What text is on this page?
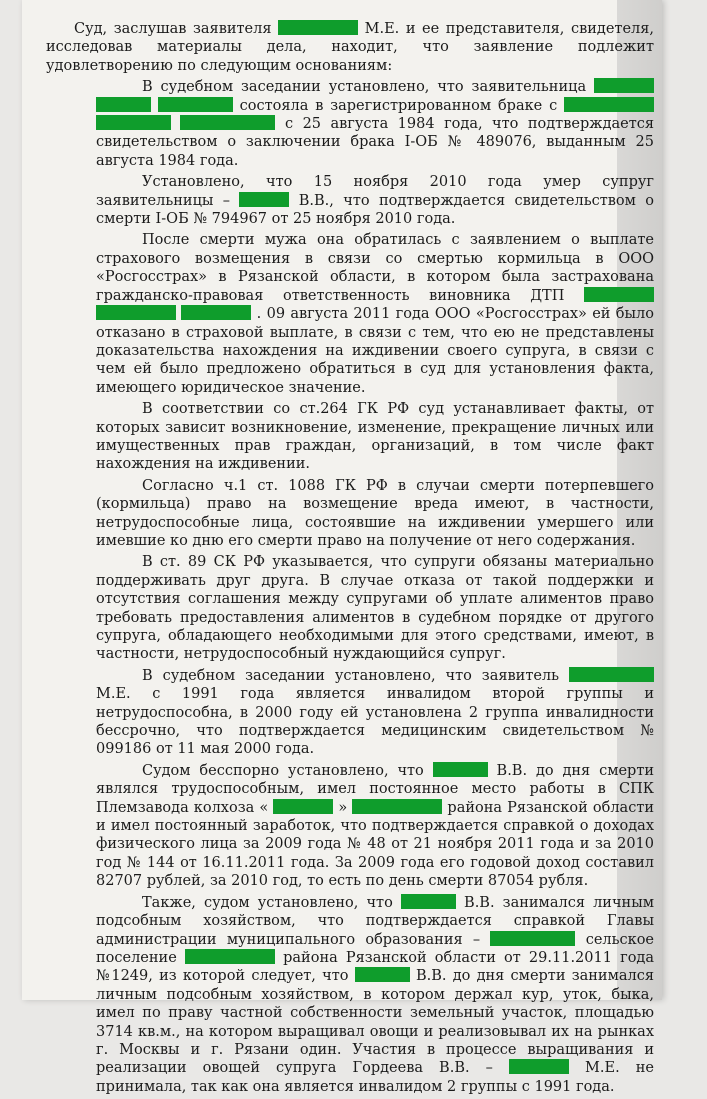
Суд, заслушав заявителя	М.Е. и ее представителя, свидетеля, исследовав материалы дела, находит, что заявление подлежит удовлетворению по следующим основаниям:

В судебном заседании установлено, что заявительница    состояла в зарегистрированном браке с    с 25 августа 1984 года, что подтверждается свидетельством о заключении брака I-ОБ № 489076, выданным 25 августа 1984 года.

Установлено, что 15 ноября 2010 года умер супруг заявительницы –	В.В., что подтверждается свидетельством о смерти I-ОБ № 794967 от 25 ноября 2010 года.

После смерти мужа она обратилась с заявлением о выплате страхового возмещения в связи со смертью кормильца в ООО «Росгосстрах» в Рязанской области, в котором была застрахована гражданско-правовая ответственность виновника ДТП    . 09 августа 2011 года ООО «Росгосстрах» ей было отказано в страховой выплате, в связи с тем, что ею не представлены доказательства нахождения на иждивении своего супруга, в связи с чем ей было предложено обратиться в суд для установления факта, имеющего юридическое значение.

В соответствии со ст.264 ГК РФ суд устанавливает факты, от которых зависит возникновение, изменение, прекращение личных или имущественных прав граждан, организаций, в том числе факт нахождения на иждивении.

Согласно ч.1 ст. 1088 ГК РФ в случаи смерти потерпевшего (кормильца) право на возмещение вреда имеют, в частности, нетрудоспособные лица, состоявшие на иждивении умершего или имевшие ко дню его смерти право на получение от него содержания.

В ст. 89 СК РФ указывается, что супруги обязаны материально поддерживать друг друга. В случае отказа от такой поддержки и отсутствия соглашения между супругами об уплате алиментов право требовать предоставления алиментов в судебном порядке от другого супруга, обладающего необходимыми для этого средствами, имеют, в частности, нетрудоспособный нуждающийся супруг.

В судебном заседании установлено, что заявитель  М.Е. с 1991 года является инвалидом второй группы и нетрудоспособна, в 2000 году ей установлена 2 группа инвалидности бессрочно, что подтверждается медицинским свидетельством № 099186 от 11 мая 2000 года.

Судом бесспорно установлено, что	В.В. до дня смерти являлся трудоспособным, имел постоянное место работы в СПК Племзавода колхоза «	»	района Рязанской области и имел постоянный заработок, что подтверждается справкой о доходах физического лица за 2009 года № 48 от 21 ноября 2011 года и за 2010 год № 144 от 16.11.2011 года. За 2009 года его годовой доход составил 82707 рублей, за 2010 год, то есть по день смерти 87054 рубля.

Также, судом установлено, что	В.В. занимался личным подсобным хозяйством, что подтверждается справкой Главы администрации муниципального образования –	сельское поселение	района Рязанской области от 29.11.2011 года №1249, из которой следует, что	В.В. до дня смерти занимался личным подсобным хозяйством, в котором держал кур, уток, быка, имел по праву частной собственности земельный участок, площадью 3714 кв.м., на котором выращивал овощи и реализовывал их на рынках г. Москвы и г. Рязани один. Участия в процессе выращивания и реализации овощей супруга Гордеева В.В. –	М.Е. не принимала, так как она является инвалидом 2 группы с 1991 года.
